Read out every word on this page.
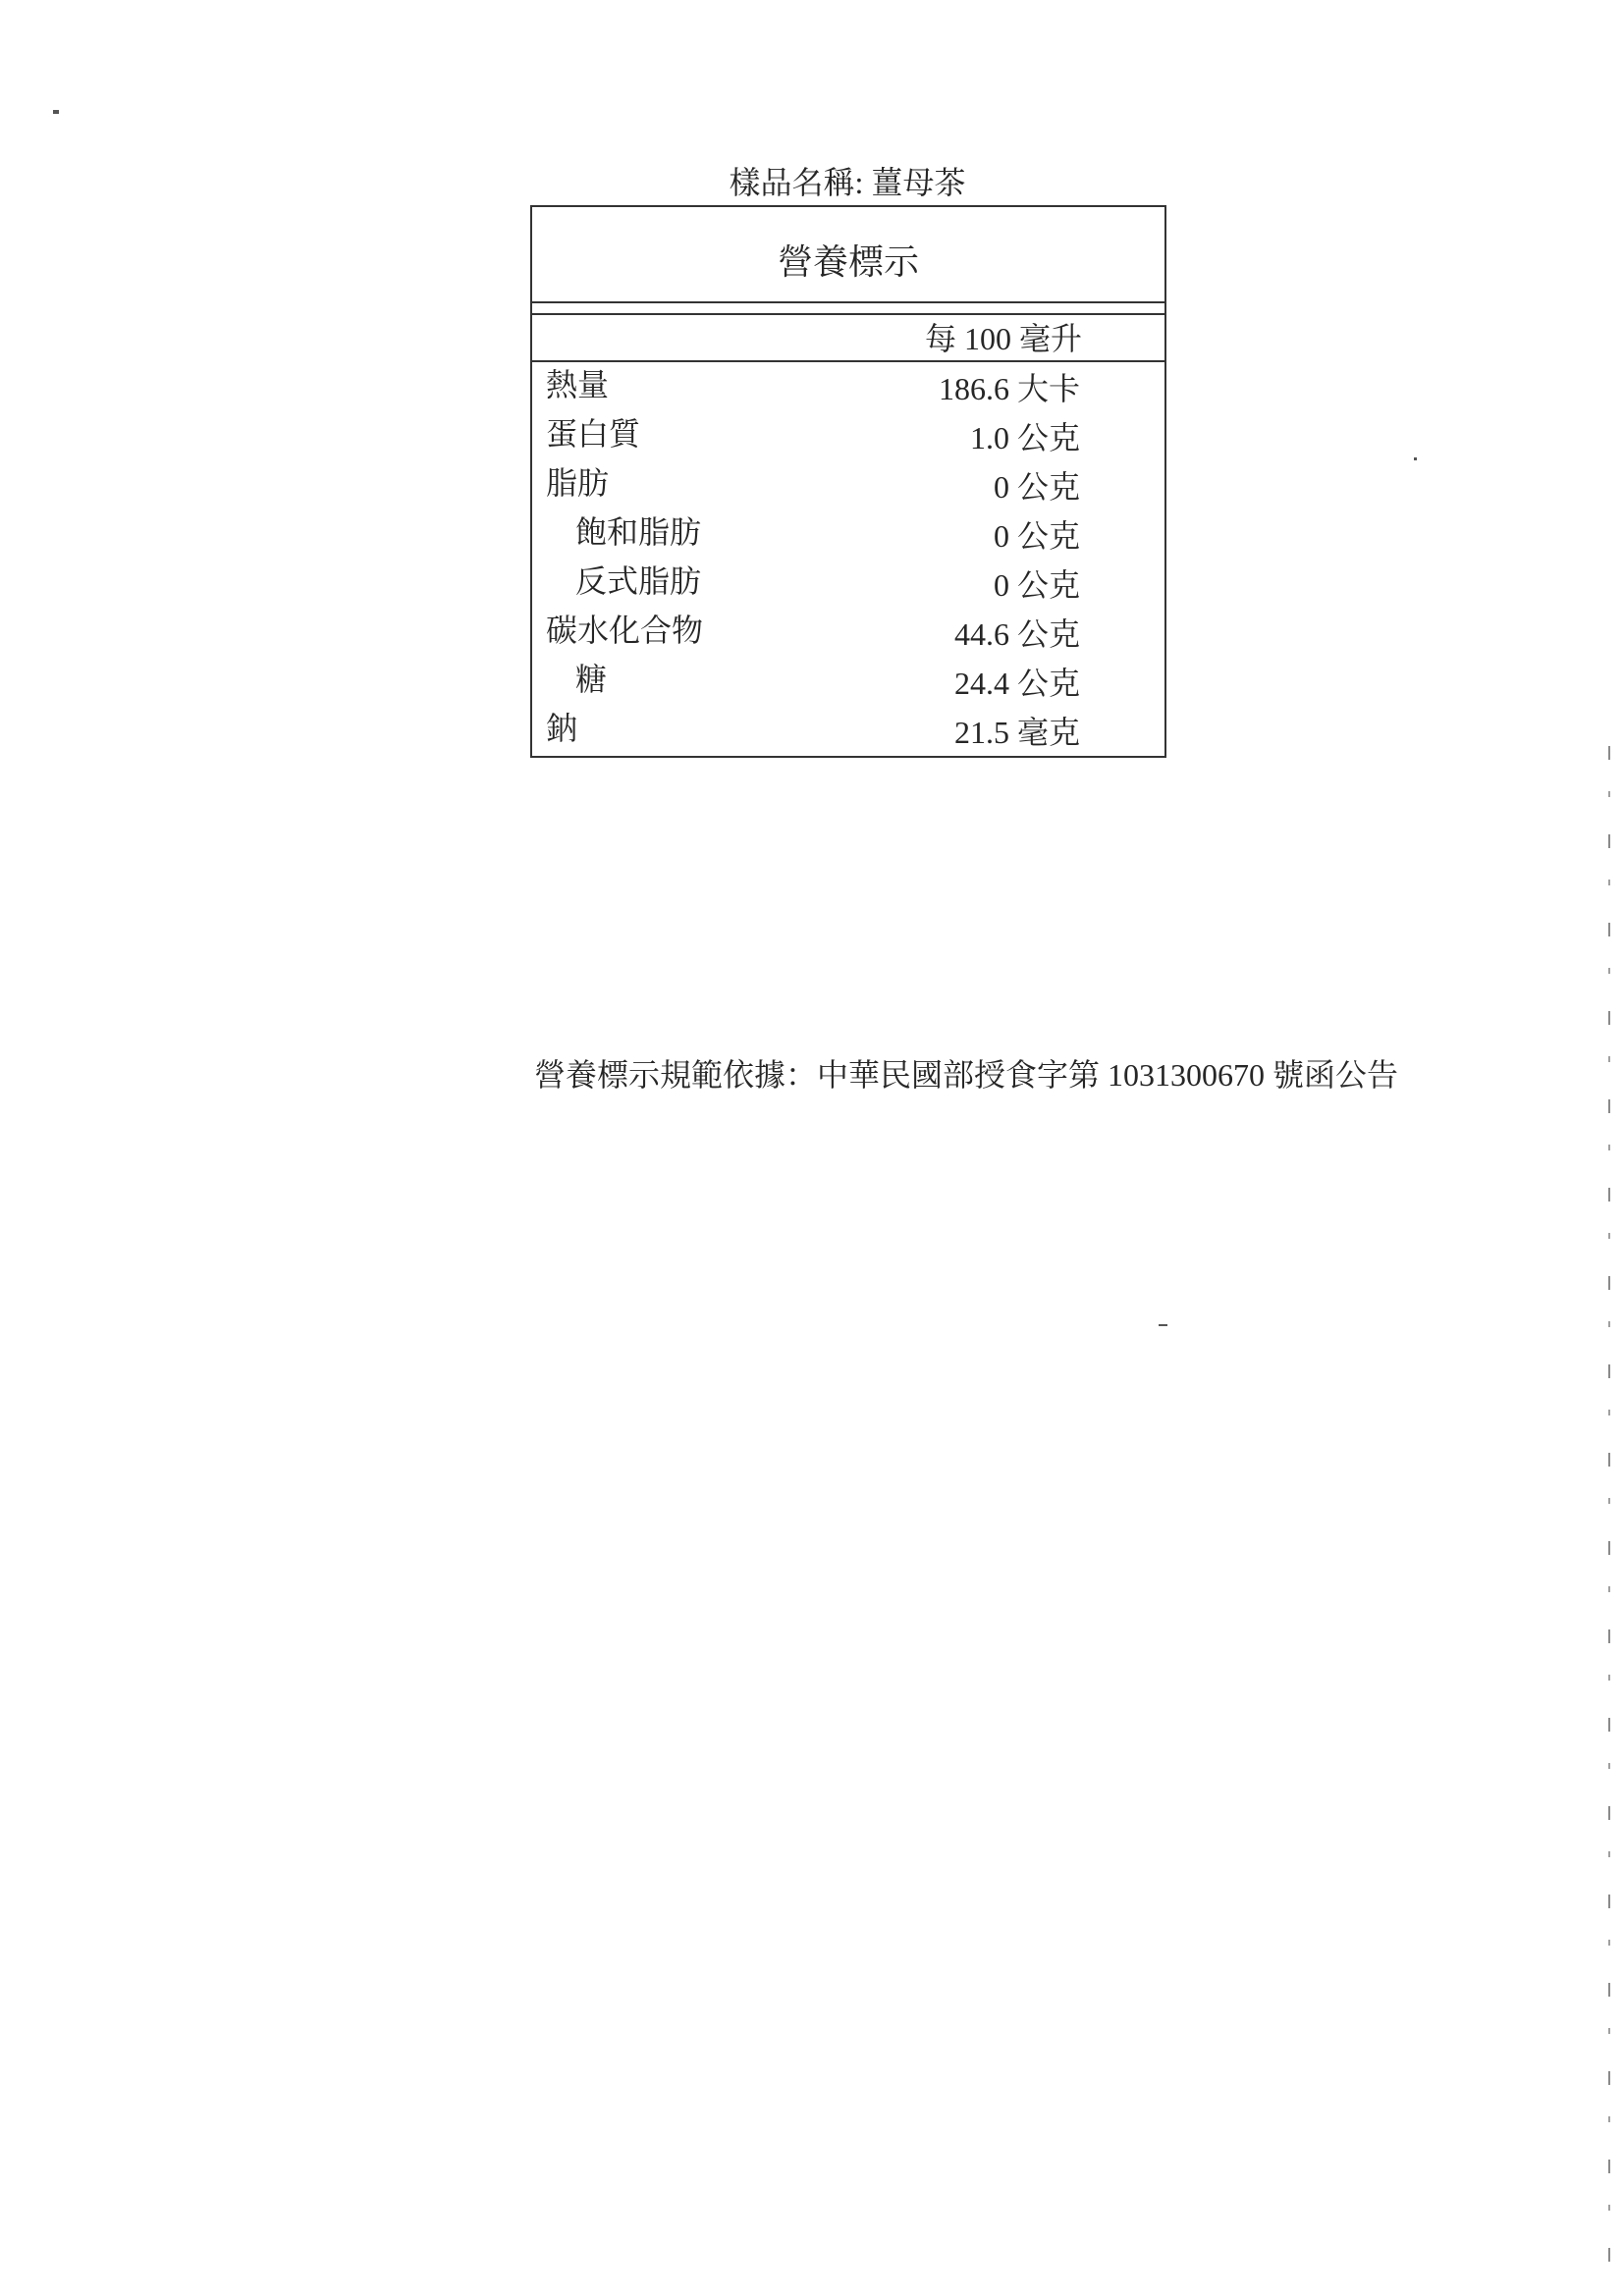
樣品名稱: 薑母茶
營養標示
每 100 毫升
熱量	186.6 大卡
蛋白質	1.0 公克
脂肪	0 公克
飽和脂肪	0 公克
反式脂肪	0 公克
碳水化合物	44.6 公克
糖	24.4 公克
鈉	21.5 毫克
營養標示規範依據：中華民國部授食字第 1031300670 號函公告
